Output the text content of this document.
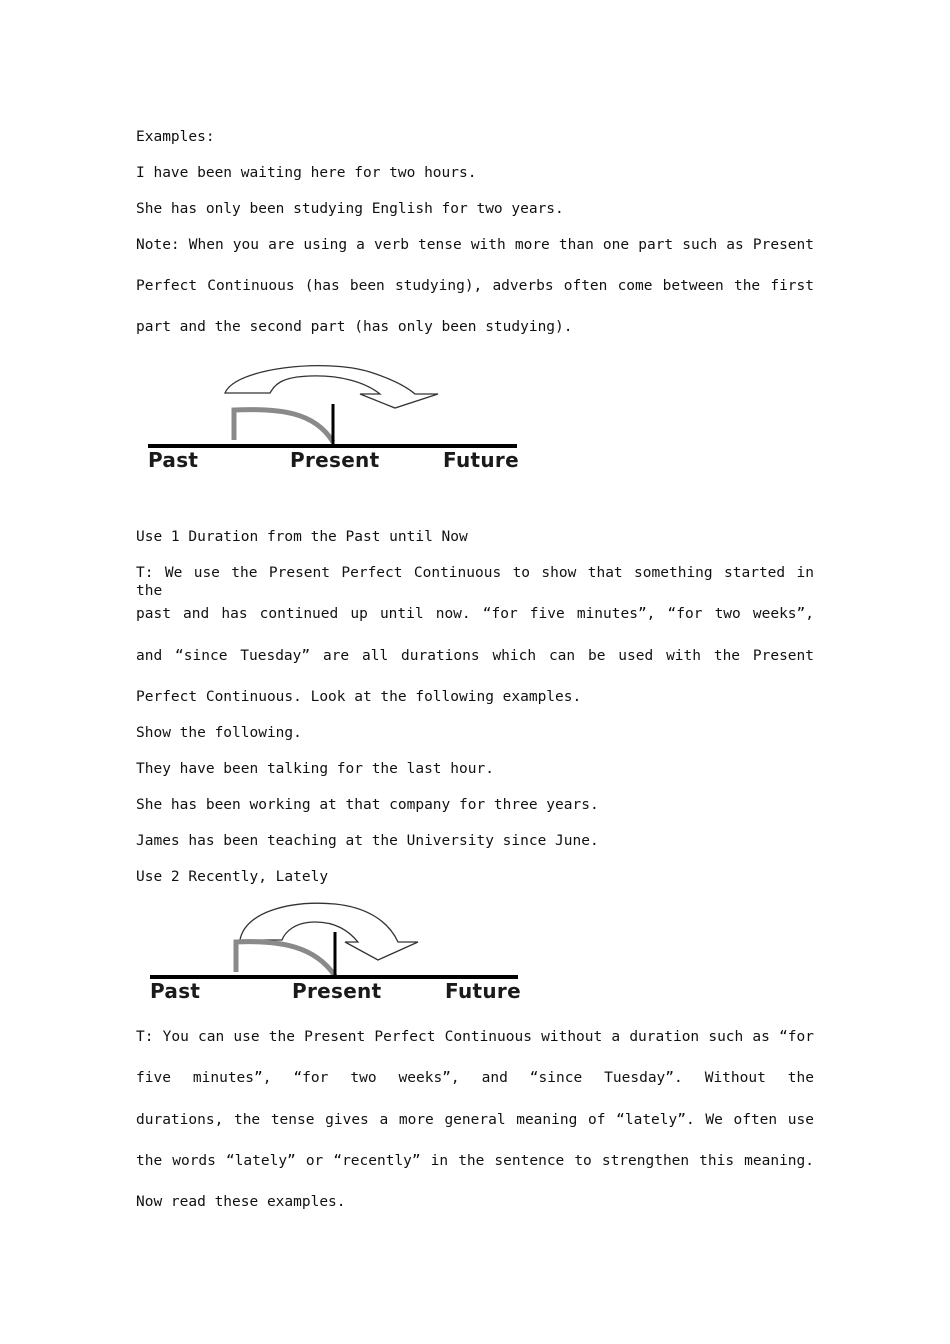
Examples:
I have been waiting here for two hours.
She has only been studying English for two years.
Note: When you are using a verb tense with more than one part such as Present
Perfect Continuous (has been studying), adverbs often come between the first
part and the second part (has only been studying).
Past	Present	Future
Use 1 Duration from the Past until Now
T: We use the Present Perfect Continuous to show that something started in the
past and has continued up until now. “for five minutes”, “for two weeks”,
and “since Tuesday” are all durations which can be used with the Present
Perfect Continuous. Look at the following examples.
Show the following.
They have been talking for the last hour.
She has been working at that company for three years.
James has been teaching at the University since June.
Use 2 Recently, Lately
Past	Present	Future
T: You can use the Present Perfect Continuous without a duration such as “for
five minutes”, “for two weeks”, and “since Tuesday”. Without the
durations, the tense gives a more general meaning of “lately”. We often use
the words “lately” or “recently” in the sentence to strengthen this meaning.
Now read these examples.
